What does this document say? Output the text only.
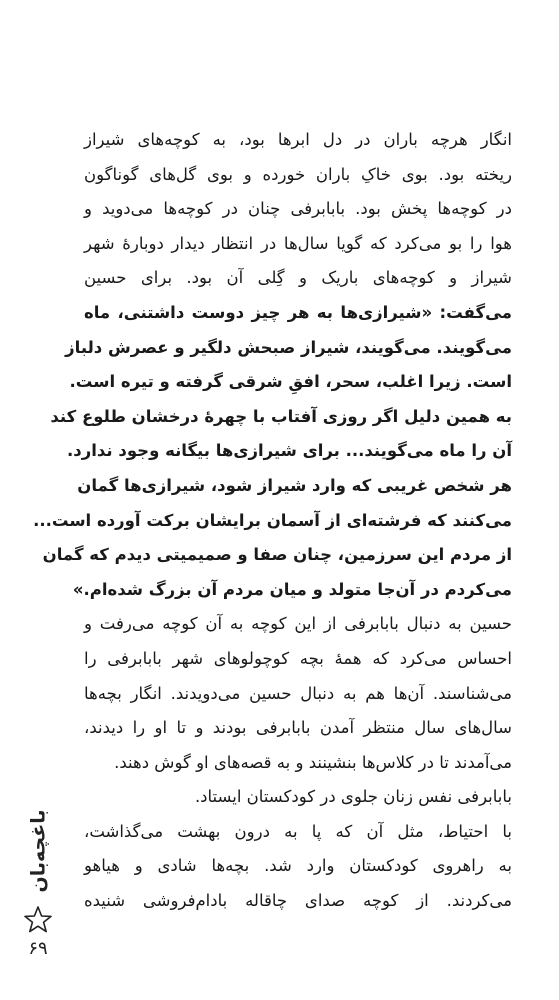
انگار هرچه باران در دل ابرها بود، به کوچه‌های شیراز
ریخته بود. بوی خاکِ باران خورده و بوی گل‌های گوناگون
در کوچه‌ها پخش بود. بابابرفی چنان در کوچه‌ها می‌دوید و
هوا را بو می‌کرد که گویا سال‌ها در انتظار دیدار دوبارهٔ شهر
شیراز و کوچه‌های باریک و گِلی آن بود. برای حسین
می‌گفت: «شیرازی‌ها به هر چیز دوست داشتنی، ماه
می‌گویند. می‌گویند، شیراز صبحش دلگیر و عصرش دلباز
است. زیرا اغلب، سحر، افقِ شرقی گرفته و تیره است.
به همین دلیل اگر روزی آفتاب با چهرهٔ درخشان طلوع کند
آن را ماه می‌گویند... برای شیرازی‌ها بیگانه وجود ندارد.
هر شخص غریبی که وارد شیراز شود، شیرازی‌ها گمان
می‌کنند که فرشته‌ای از آسمان برایشان برکت آورده است...
از مردم این سرزمین، چنان صفا و صمیمیتی دیدم که گمان
می‌کردم در آن‌جا متولد و میان مردم آن بزرگ شده‌ام.»
حسین به دنبال بابابرفی از این کوچه به آن کوچه می‌رفت و
احساس می‌کرد که همهٔ بچه کوچولوهای شهر بابابرفی را
می‌شناسند. آن‌ها هم به دنبال حسین می‌دویدند. انگار بچه‌ها
سال‌های سال منتظر آمدن بابابرفی بودند و تا او را دیدند،
می‌آمدند تا در کلاس‌ها بنشینند و به قصه‌های او گوش دهند.
بابابرفی نفس زنان جلوی در کودکستان ایستاد.
با احتیاط، مثل آن که پا به درون بهشت می‌گذاشت،
به راهروی کودکستان وارد شد. بچه‌ها شادی و هیاهو
می‌کردند. از کوچه صدای چاقاله بادام‌فروشی شنیده
باغچه‌بان
۶۹
